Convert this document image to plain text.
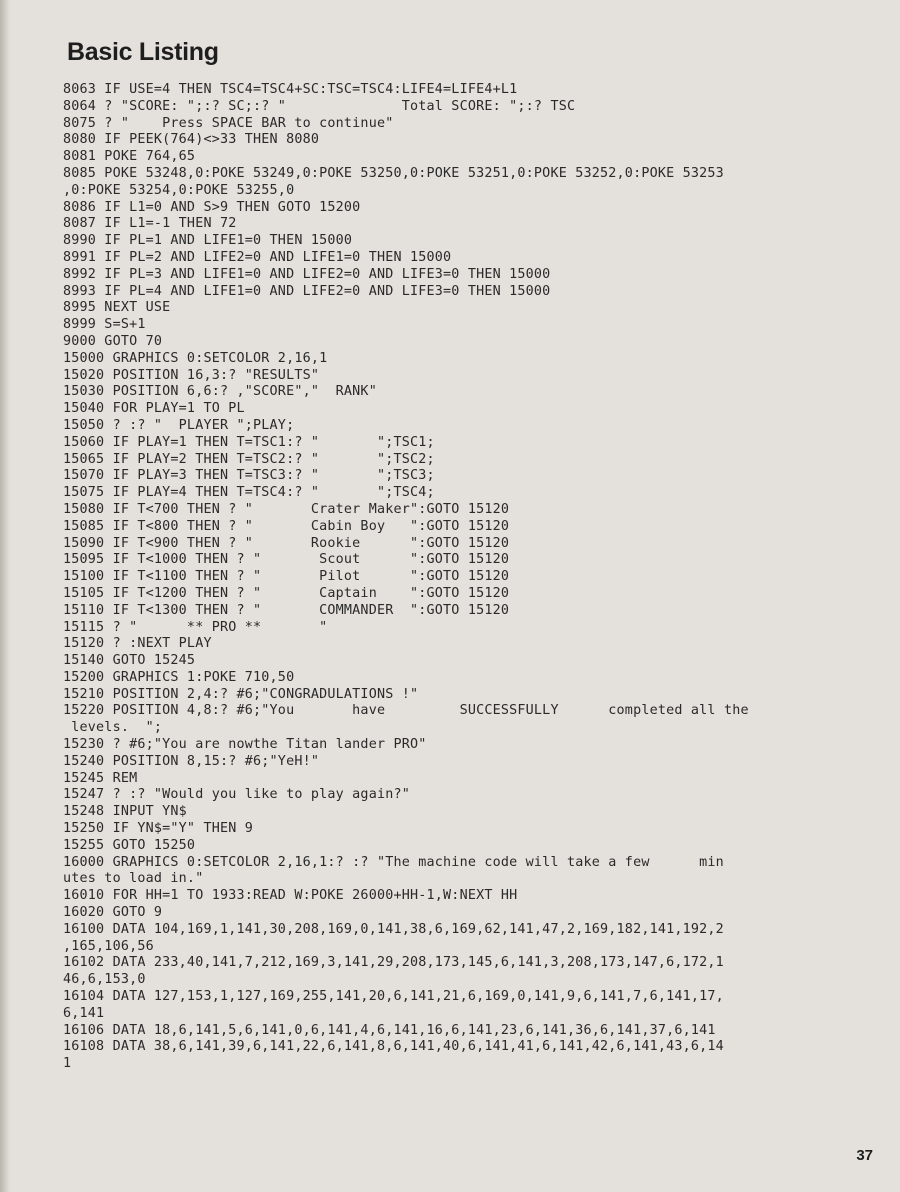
Basic Listing
8063 IF USE=4 THEN TSC4=TSC4+SC:TSC=TSC4:LIFE4=LIFE4+L1
8064 ? "SCORE: ";:? SC;:? "              Total SCORE: ";:? TSC
8075 ? "    Press SPACE BAR to continue"
8080 IF PEEK(764)<>33 THEN 8080
8081 POKE 764,65
8085 POKE 53248,0:POKE 53249,0:POKE 53250,0:POKE 53251,0:POKE 53252,0:POKE 53253
,0:POKE 53254,0:POKE 53255,0
8086 IF L1=0 AND S>9 THEN GOTO 15200
8087 IF L1=-1 THEN 72
8990 IF PL=1 AND LIFE1=0 THEN 15000
8991 IF PL=2 AND LIFE2=0 AND LIFE1=0 THEN 15000
8992 IF PL=3 AND LIFE1=0 AND LIFE2=0 AND LIFE3=0 THEN 15000
8993 IF PL=4 AND LIFE1=0 AND LIFE2=0 AND LIFE3=0 THEN 15000
8995 NEXT USE
8999 S=S+1
9000 GOTO 70
15000 GRAPHICS 0:SETCOLOR 2,16,1
15020 POSITION 16,3:? "RESULTS"
15030 POSITION 6,6:? ,"SCORE","  RANK"
15040 FOR PLAY=1 TO PL
15050 ? :? "  PLAYER ";PLAY;
15060 IF PLAY=1 THEN T=TSC1:? "       ";TSC1;
15065 IF PLAY=2 THEN T=TSC2:? "       ";TSC2;
15070 IF PLAY=3 THEN T=TSC3:? "       ";TSC3;
15075 IF PLAY=4 THEN T=TSC4:? "       ";TSC4;
15080 IF T<700 THEN ? "       Crater Maker":GOTO 15120
15085 IF T<800 THEN ? "       Cabin Boy   ":GOTO 15120
15090 IF T<900 THEN ? "       Rookie      ":GOTO 15120
15095 IF T<1000 THEN ? "       Scout      ":GOTO 15120
15100 IF T<1100 THEN ? "       Pilot      ":GOTO 15120
15105 IF T<1200 THEN ? "       Captain    ":GOTO 15120
15110 IF T<1300 THEN ? "       COMMANDER  ":GOTO 15120
15115 ? "      ** PRO **       "
15120 ? :NEXT PLAY
15140 GOTO 15245
15200 GRAPHICS 1:POKE 710,50
15210 POSITION 2,4:? #6;"CONGRADULATIONS !"
15220 POSITION 4,8:? #6;"You       have         SUCCESSFULLY      completed all the
levels.  ";
15230 ? #6;"You are nowthe Titan lander PRO"
15240 POSITION 8,15:? #6;"YeH!"
15245 REM
15247 ? :? "Would you like to play again?"
15248 INPUT YN$
15250 IF YN$="Y" THEN 9
15255 GOTO 15250
16000 GRAPHICS 0:SETCOLOR 2,16,1:? :? "The machine code will take a few      min
utes to load in."
16010 FOR HH=1 TO 1933:READ W:POKE 26000+HH-1,W:NEXT HH
16020 GOTO 9
16100 DATA 104,169,1,141,30,208,169,0,141,38,6,169,62,141,47,2,169,182,141,192,2
,165,106,56
16102 DATA 233,40,141,7,212,169,3,141,29,208,173,145,6,141,3,208,173,147,6,172,1
46,6,153,0
16104 DATA 127,153,1,127,169,255,141,20,6,141,21,6,169,0,141,9,6,141,7,6,141,17,
6,141
16106 DATA 18,6,141,5,6,141,0,6,141,4,6,141,16,6,141,23,6,141,36,6,141,37,6,141
16108 DATA 38,6,141,39,6,141,22,6,141,8,6,141,40,6,141,41,6,141,42,6,141,43,6,14
1
37
